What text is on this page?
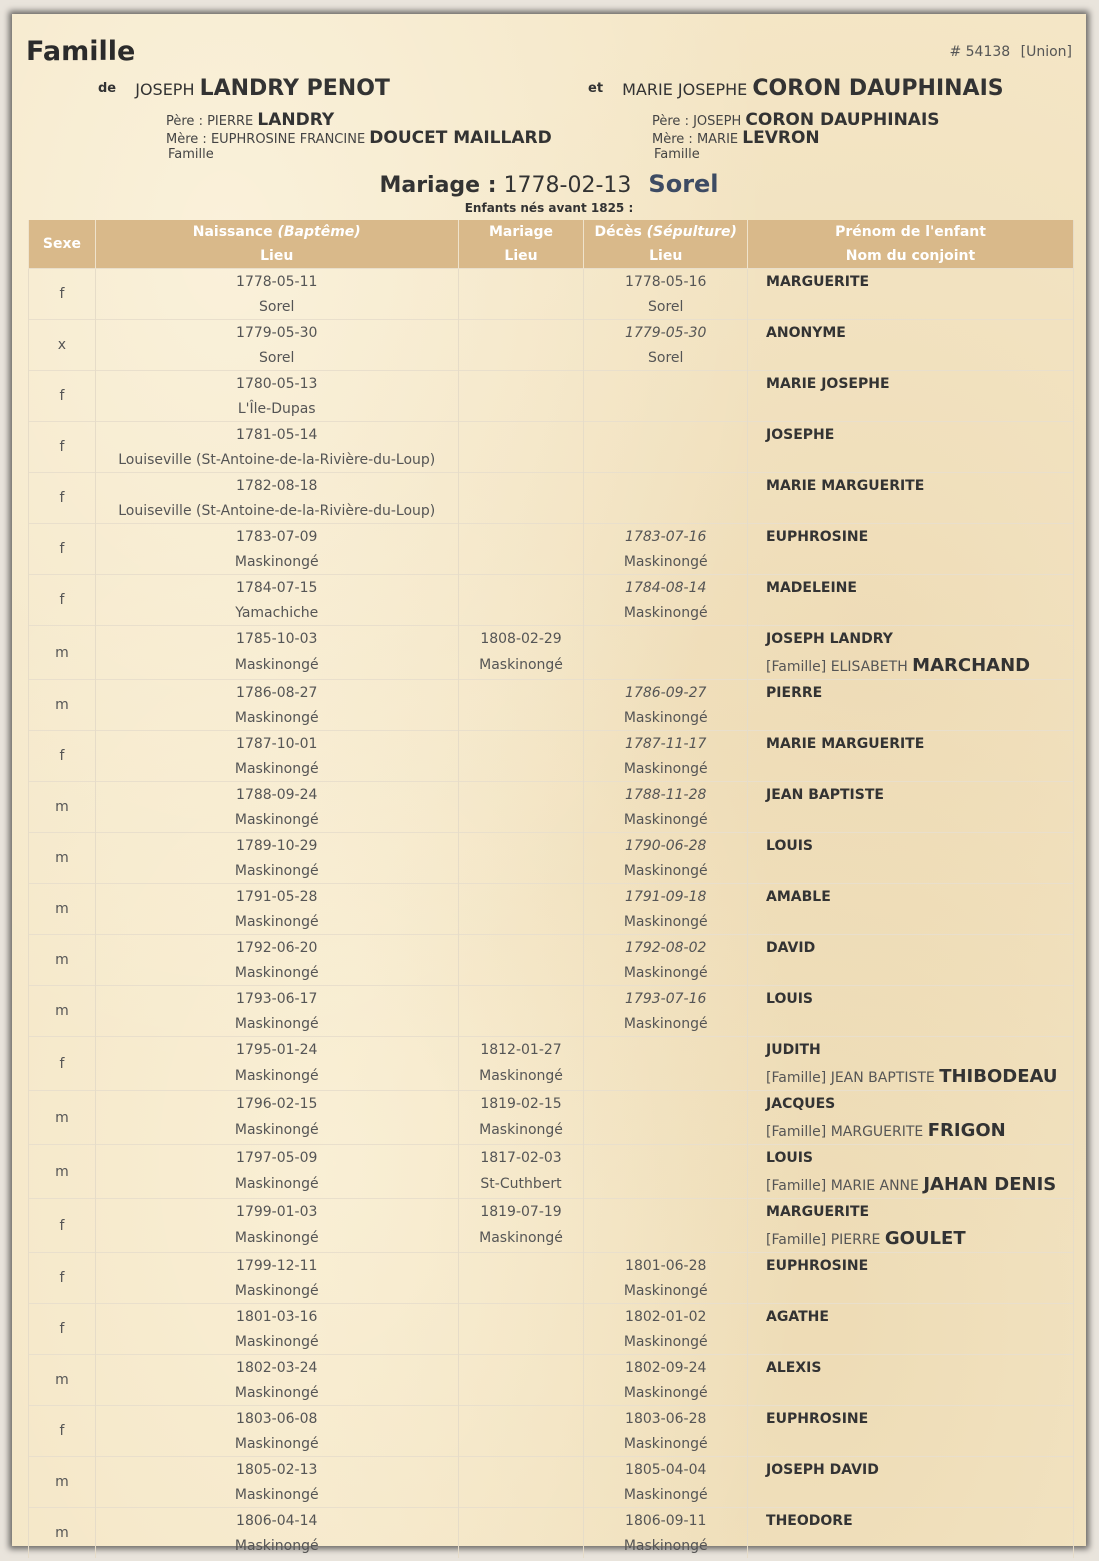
Famille	# 54138 [Union]
de JOSEPH LANDRY PENOT	et MARIE JOSEPHE CORON DAUPHINAIS
Père : PIERRE LANDRY
Mère : EUPHROSINE FRANCINE DOUCET MAILLARD
Famille
Père : JOSEPH CORON DAUPHINAIS
Mère : MARIE LEVRON
Famille
Mariage : 1778-02-13 Sorel
Enfants nés avant 1825 :
Sexe	Naissance (Baptême)	Mariage	Décès (Sépulture)	Prénom de l'enfant
	Lieu	Lieu	Lieu	Nom du conjoint
f	1778-05-11		1778-05-16	MARGUERITE
	Sorel		Sorel	
x	1779-05-30		1779-05-30	ANONYME
	Sorel		Sorel	
f	1780-05-13			MARIE JOSEPHE
	L'Île-Dupas			
f	1781-05-14			JOSEPHE
	Louiseville (St-Antoine-de-la-Rivière-du-Loup)			
f	1782-08-18			MARIE MARGUERITE
	Louiseville (St-Antoine-de-la-Rivière-du-Loup)			
f	1783-07-09		1783-07-16	EUPHROSINE
	Maskinongé		Maskinongé	
f	1784-07-15		1784-08-14	MADELEINE
	Yamachiche		Maskinongé	
m	1785-10-03	1808-02-29		JOSEPH LANDRY
	Maskinongé	Maskinongé		[Famille] ELISABETH MARCHAND
m	1786-08-27		1786-09-27	PIERRE
	Maskinongé		Maskinongé	
f	1787-10-01		1787-11-17	MARIE MARGUERITE
	Maskinongé		Maskinongé	
m	1788-09-24		1788-11-28	JEAN BAPTISTE
	Maskinongé		Maskinongé	
m	1789-10-29		1790-06-28	LOUIS
	Maskinongé		Maskinongé	
m	1791-05-28		1791-09-18	AMABLE
	Maskinongé		Maskinongé	
m	1792-06-20		1792-08-02	DAVID
	Maskinongé		Maskinongé	
m	1793-06-17		1793-07-16	LOUIS
	Maskinongé		Maskinongé	
f	1795-01-24	1812-01-27		JUDITH
	Maskinongé	Maskinongé		[Famille] JEAN BAPTISTE THIBODEAU
m	1796-02-15	1819-02-15		JACQUES
	Maskinongé	Maskinongé		[Famille] MARGUERITE FRIGON
m	1797-05-09	1817-02-03		LOUIS
	Maskinongé	St-Cuthbert		[Famille] MARIE ANNE JAHAN DENIS
f	1799-01-03	1819-07-19		MARGUERITE
	Maskinongé	Maskinongé		[Famille] PIERRE GOULET
f	1799-12-11		1801-06-28	EUPHROSINE
	Maskinongé		Maskinongé	
f	1801-03-16		1802-01-02	AGATHE
	Maskinongé		Maskinongé	
m	1802-03-24		1802-09-24	ALEXIS
	Maskinongé		Maskinongé	
f	1803-06-08		1803-06-28	EUPHROSINE
	Maskinongé		Maskinongé	
m	1805-02-13		1805-04-04	JOSEPH DAVID
	Maskinongé		Maskinongé	
m	1806-04-14		1806-09-11	THEODORE
	Maskinongé		Maskinongé	
